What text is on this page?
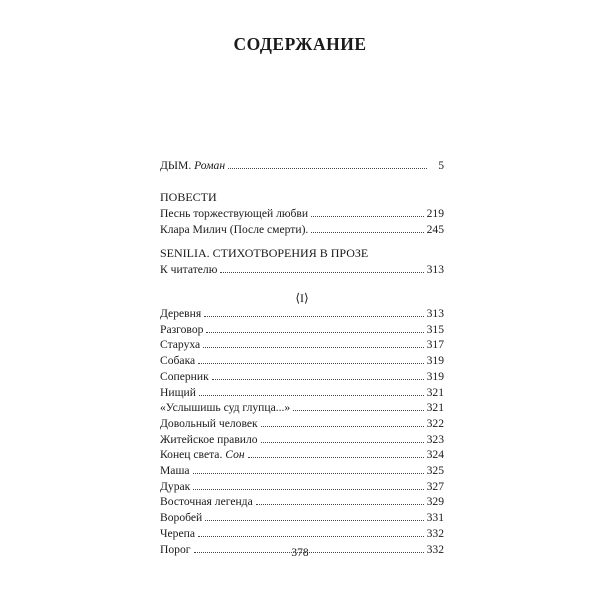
СОДЕРЖАНИЕ
ДЫМ. Роман	5
ПОВЕСТИ
Песнь торжествующей любви	219
Клара Милич (После смерти).	245
SENILIA. СТИХОТВОРЕНИЯ В ПРОЗЕ
К читателю	313
⟨I⟩
Деревня	313
Разговор	315
Старуха	317
Собака	319
Соперник	319
Нищий	321
«Услышишь суд глупца...»	321
Довольный человек	322
Житейское правило	323
Конец света. Сон	324
Маша	325
Дурак	327
Восточная легенда	329
Воробей	331
Черепа	332
Порог	332
378
